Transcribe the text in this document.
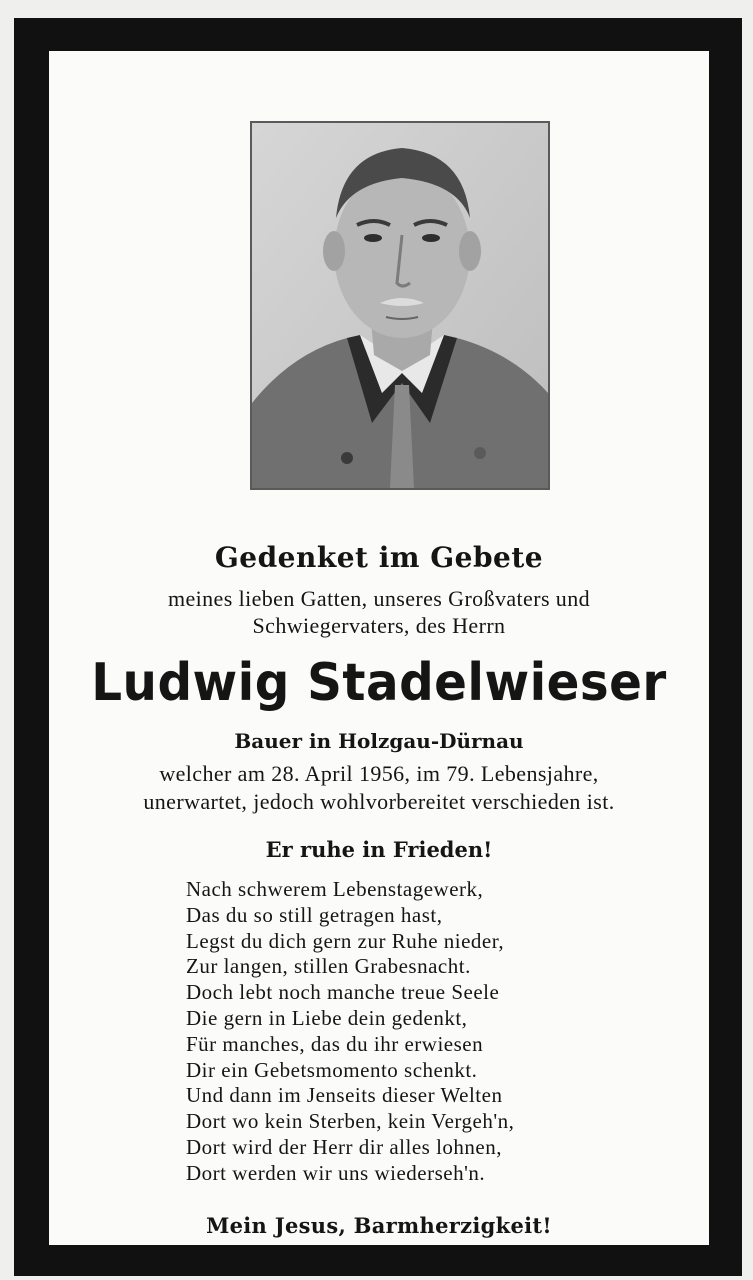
Gedenket im Gebete
meines lieben Gatten, unseres Großvaters und
Schwiegervaters, des Herrn
Ludwig Stadelwieser
Bauer in Holzgau-Dürnau
welcher am 28. April 1956, im 79. Lebensjahre,
unerwartet, jedoch wohlvorbereitet verschieden ist.
Er ruhe in Frieden!
Nach schwerem Lebenstagewerk,
Das du so still getragen hast,
Legst du dich gern zur Ruhe nieder,
Zur langen, stillen Grabesnacht.
Doch lebt noch manche treue Seele
Die gern in Liebe dein gedenkt,
Für manches, das du ihr erwiesen
Dir ein Gebetsmomento schenkt.
Und dann im Jenseits dieser Welten
Dort wo kein Sterben, kein Vergeh'n,
Dort wird der Herr dir alles lohnen,
Dort werden wir uns wiederseh'n.
Mein Jesus, Barmherzigkeit!
